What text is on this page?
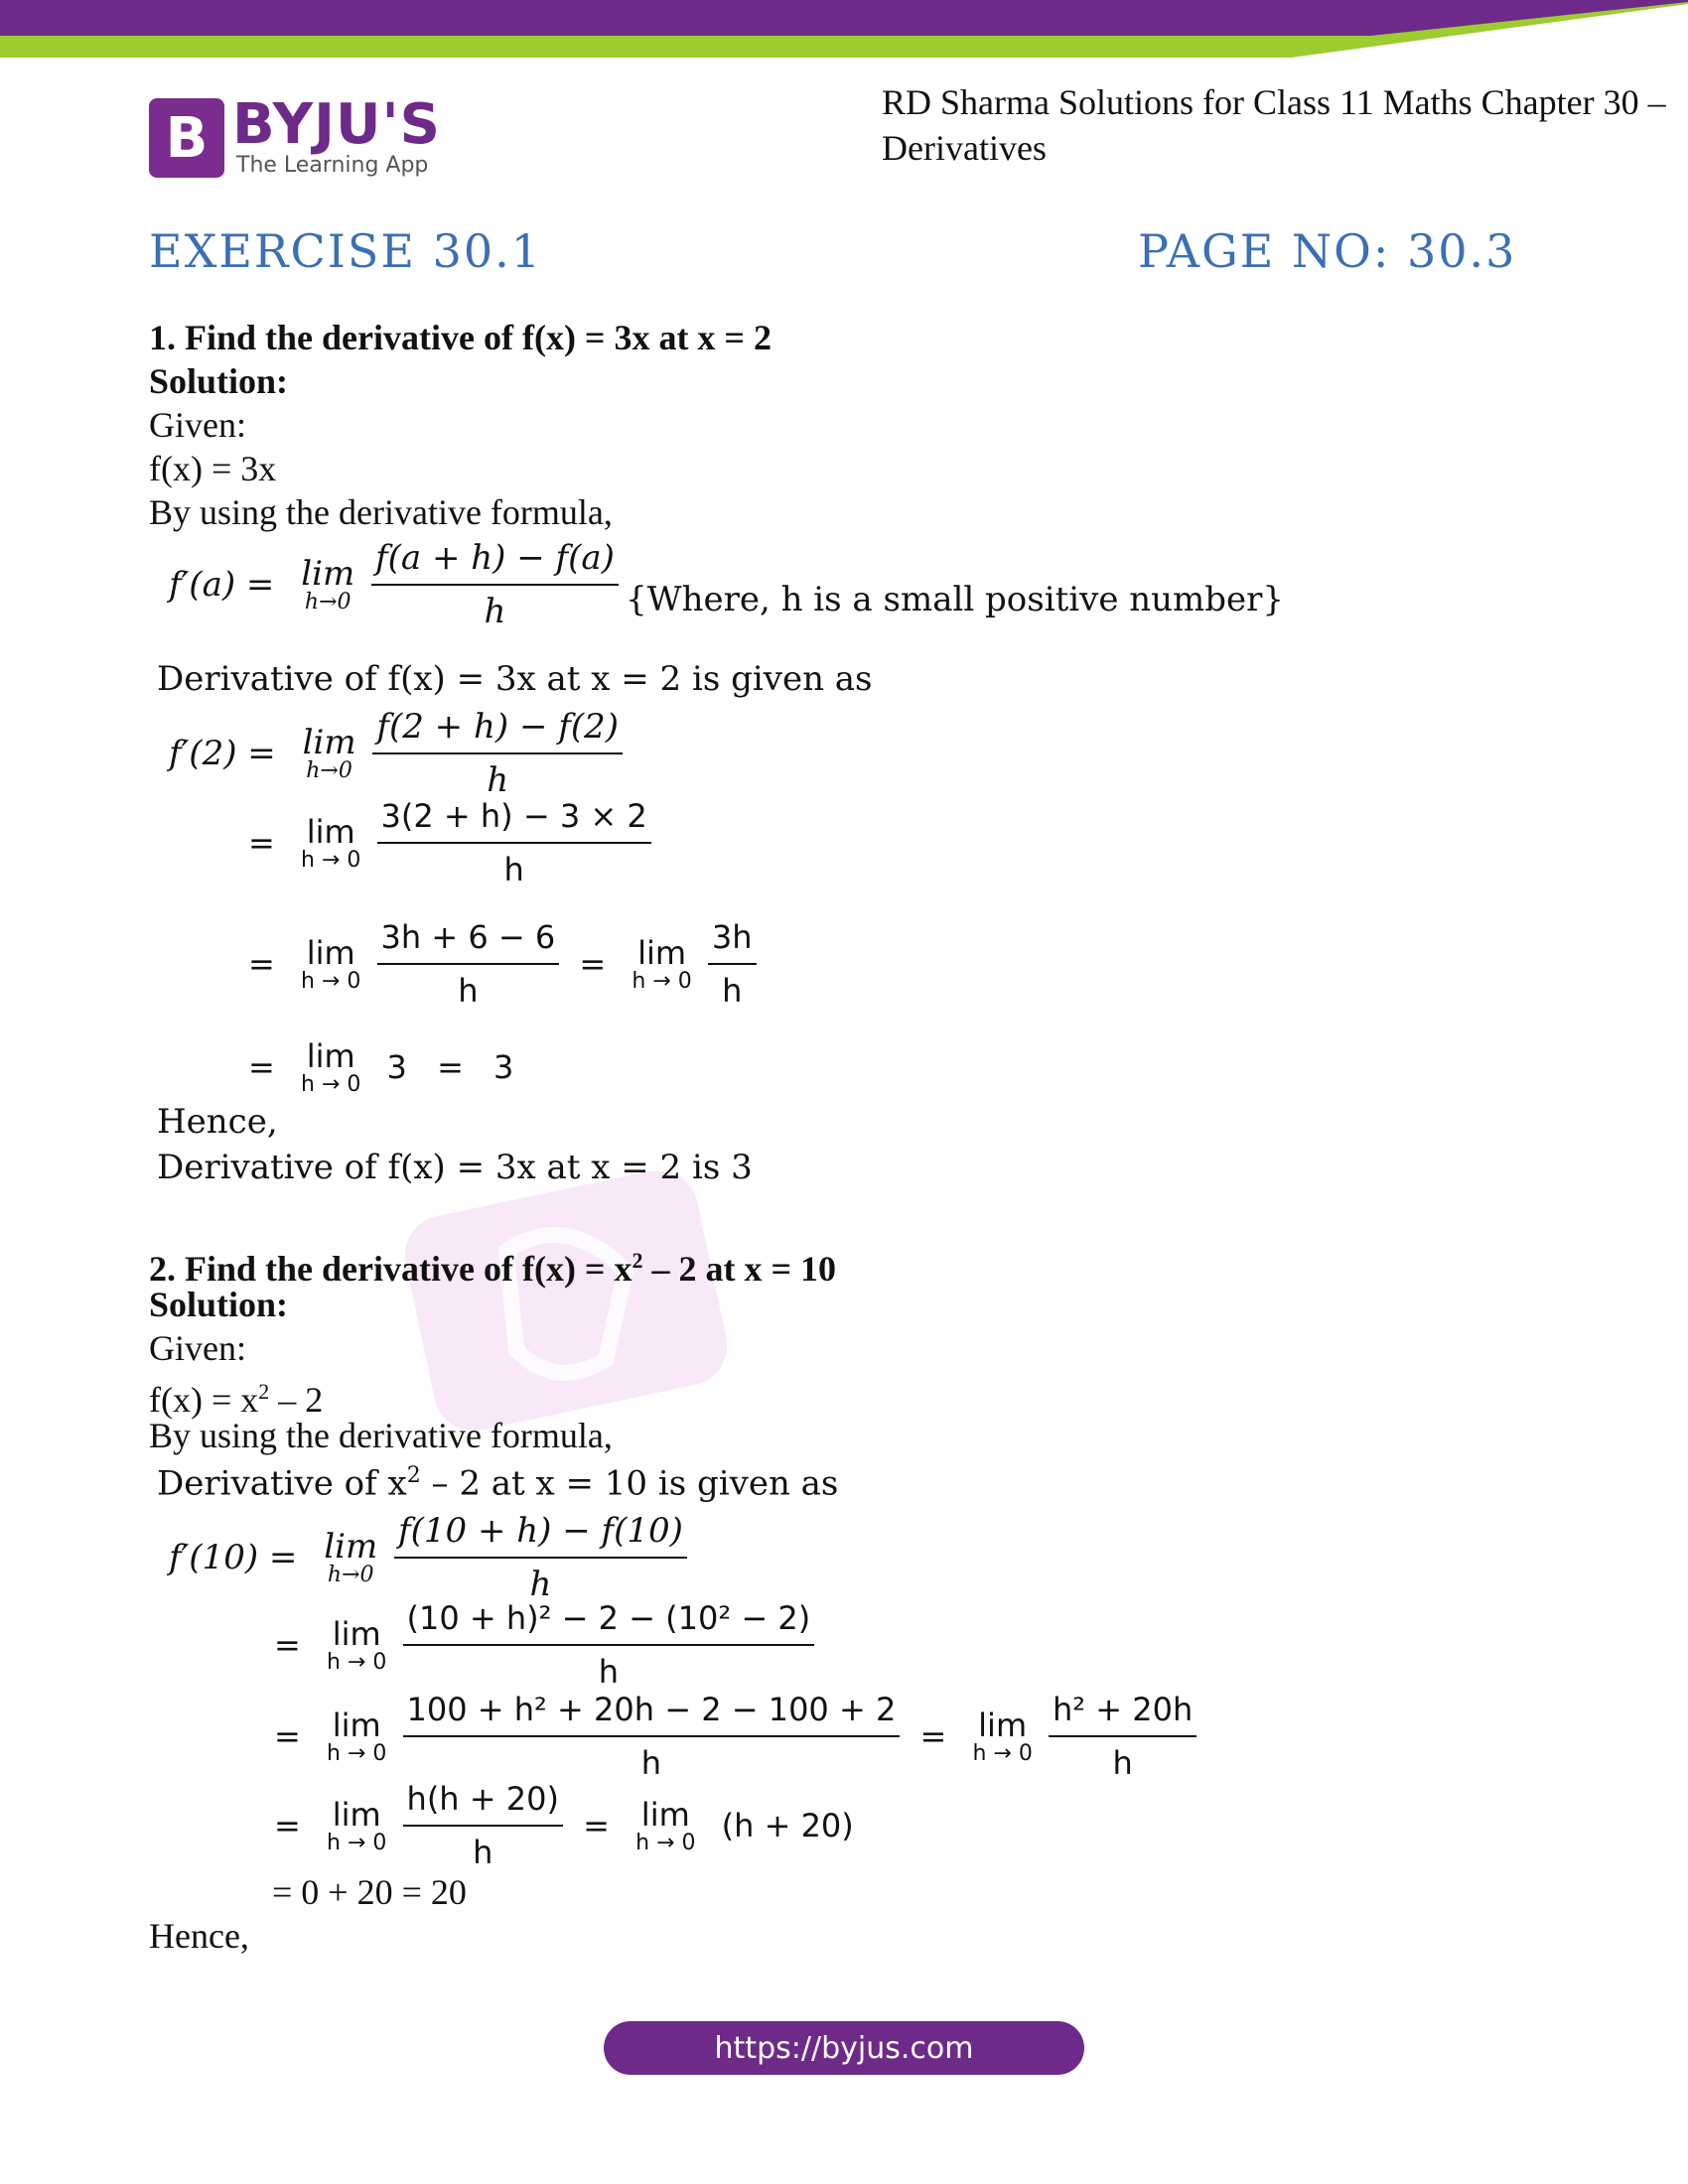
B BYJU'S
The Learning App
RD Sharma Solutions for Class 11 Maths Chapter 30 – Derivatives
EXERCISE 30.1	PAGE NO: 30.3
1. Find the derivative of f(x) = 3x at x = 2
Solution:
Given:
f(x) = 3x
By using the derivative formula,
f′(a) = lim
h→0
$\frac{f(a + h) - f(a)}{h}$ {Where, h is a small positive number}
Derivative of f(x) = 3x at x = 2 is given as
f′(2) = lim
h→0
$\frac{f(2 + h) - f(2)}{h}$
= lim
h → 0
$\frac{3(2 + h) - 3 \times 2}{h}$
= lim
h → 0
$\frac{3h + 6 - 6}{h} = \lim$
h → 0
$\frac{3h}{h}$
= lim
h → 0 3 = 3
Hence,
Derivative of f(x) = 3x at x = 2 is 3
2. Find the derivative of $f(x) = x^2 - 2$ at x = 10
Solution:
Given:
$f(x) = x^2 - 2$
By using the derivative formula,
Derivative of $x^2 - 2$ at x = 10 is given as
f′(10) = lim
h→0
$\frac{f(10 + h) - f(10)}{h}$
= lim
h → 0
$\frac{\text{(10 + h)² − 2 − (10² − 2)}}{h}$
= lim
h → 0
$\frac{\text{100 + h² + 20h − 2 − 100 + 2}}{h} = \lim$
h → 0
$\frac{\text{h² + 20h}}{h}$
= lim
h → 0
$\frac{h(h + 20)}{h} = \lim$
h → 0 (h + 20)
= 0 + 20 = 20
Hence,
https://byjus.com
